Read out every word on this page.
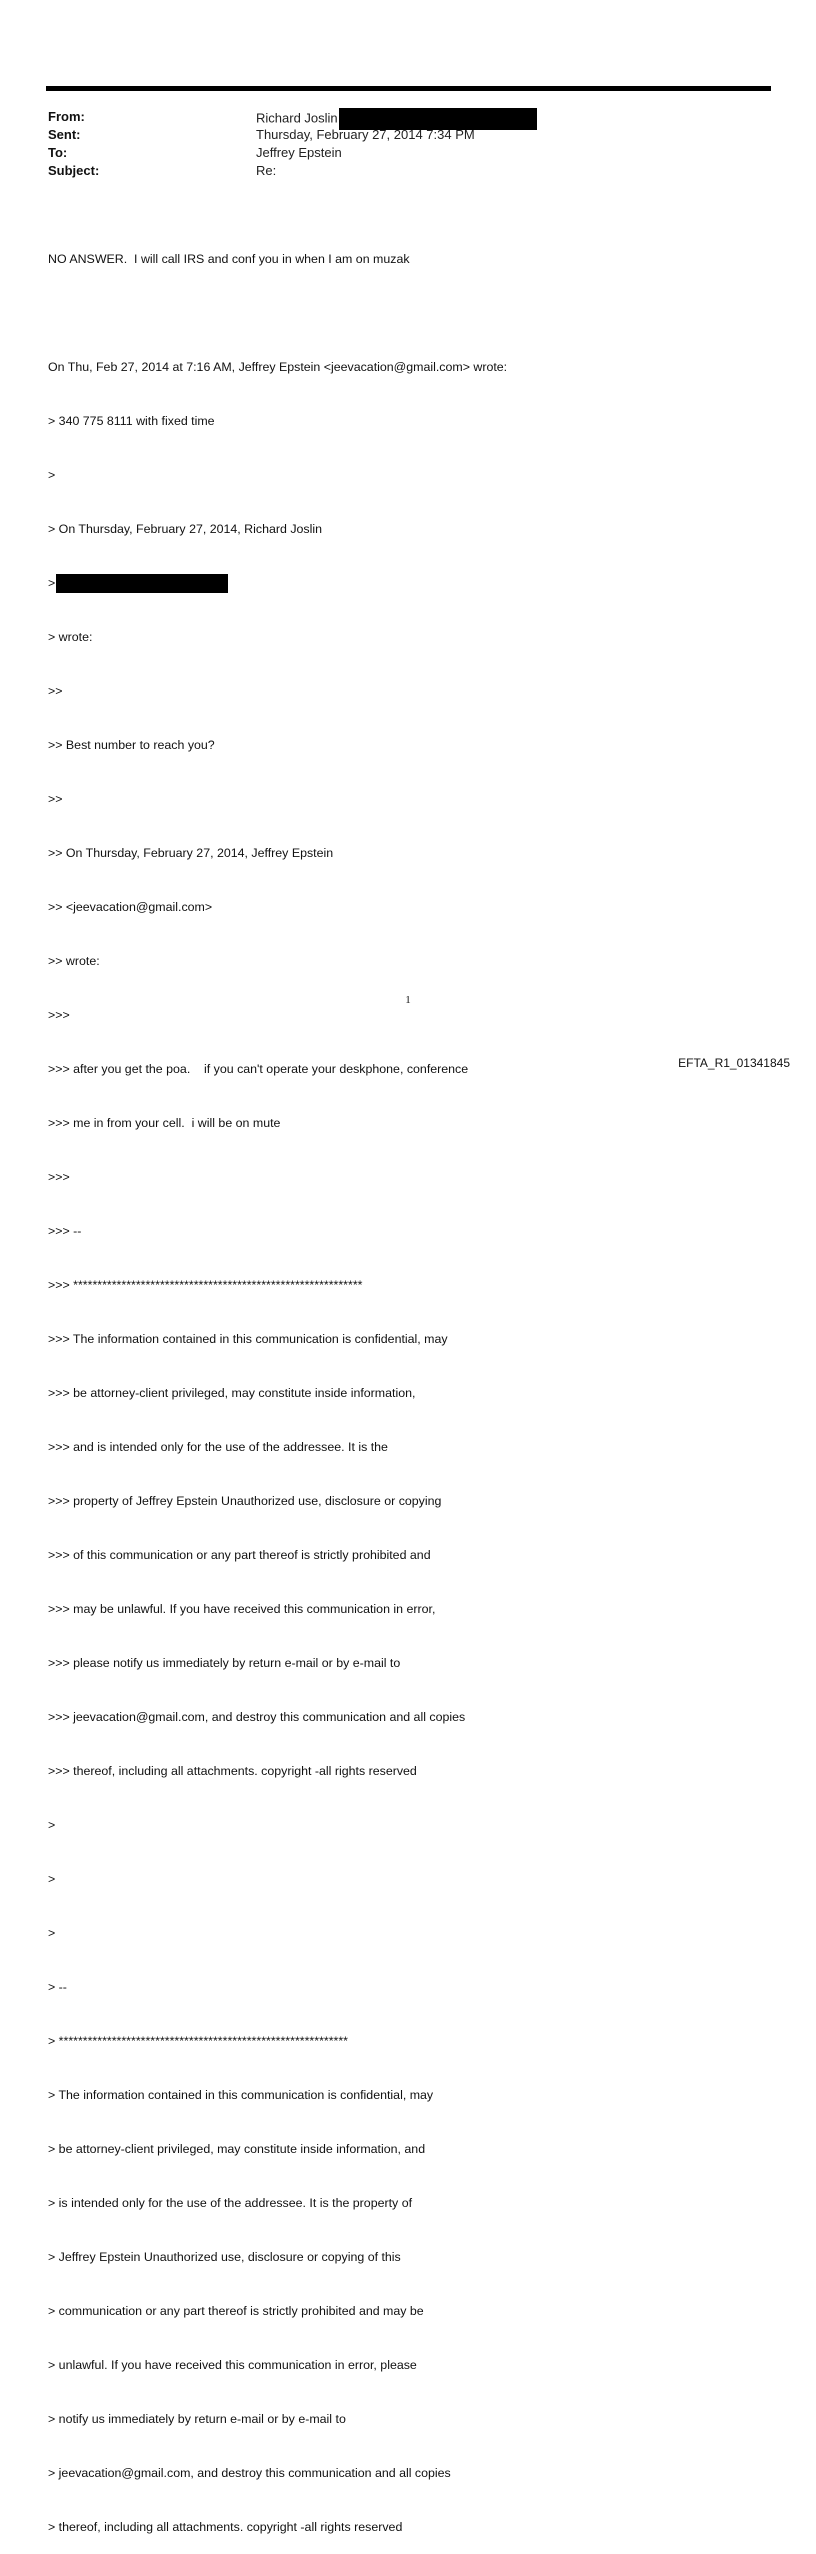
From:	Richard Joslin
Sent:	Thursday, February 27, 2014 7:34 PM
To:	Jeffrey Epstein
Subject:	Re:

NO ANSWER.  I will call IRS and conf you in when I am on muzak

On Thu, Feb 27, 2014 at 7:16 AM, Jeffrey Epstein <jeevacation@gmail.com> wrote:

> 340 775 8111 with fixed time

>

> On Thursday, February 27, 2014, Richard Joslin

>

> wrote:

>>

>> Best number to reach you?

>>

>> On Thursday, February 27, 2014, Jeffrey Epstein

>> <jeevacation@gmail.com>

>> wrote:

>>>

>>> after you get the poa.    if you can't operate your deskphone, conference

>>> me in from your cell.  i will be on mute

>>>

>>> --

>>> ************************************************************

>>> The information contained in this communication is confidential, may

>>> be attorney-client privileged, may constitute inside information,

>>> and is intended only for the use of the addressee. It is the

>>> property of Jeffrey Epstein Unauthorized use, disclosure or copying

>>> of this communication or any part thereof is strictly prohibited and

>>> may be unlawful. If you have received this communication in error,

>>> please notify us immediately by return e-mail or by e-mail to

>>> jeevacation@gmail.com, and destroy this communication and all copies

>>> thereof, including all attachments. copyright -all rights reserved

>

>

>

> --

> ************************************************************

> The information contained in this communication is confidential, may

> be attorney-client privileged, may constitute inside information, and

> is intended only for the use of the addressee. It is the property of

> Jeffrey Epstein Unauthorized use, disclosure or copying of this

> communication or any part thereof is strictly prohibited and may be

> unlawful. If you have received this communication in error, please

> notify us immediately by return e-mail or by e-mail to

> jeevacation@gmail.com, and destroy this communication and all copies

> thereof, including all attachments. copyright -all rights reserved

1
EFTA_R1_01341845
